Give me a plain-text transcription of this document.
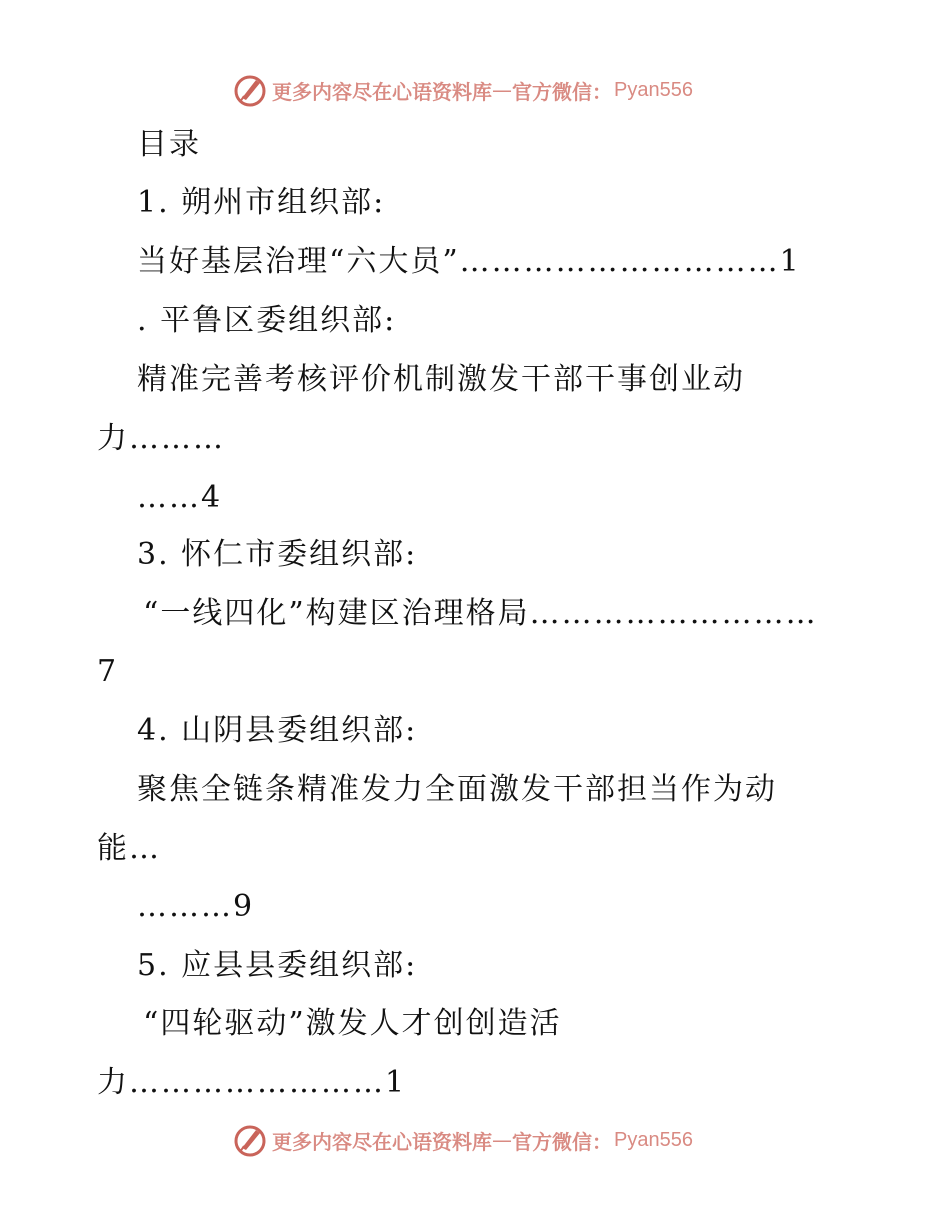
更多内容尽在心语资料库 — 官方微信： Pyan556
目录
1. 朔州市组织部:
当好基层治理“六大员”…………………………1
. 平鲁区委组织部:
精准完善考核评价机制激发干部干事创业动
力………
……4
3. 怀仁市委组织部:
“一线四化”构建区治理格局………………………
7
4. 山阴县委组织部:
聚焦全链条精准发力全面激发干部担当作为动
能…
………9
5. 应县县委组织部:
“四轮驱动”激发人才创创造活
力……………………1
更多内容尽在心语资料库 — 官方微信： Pyan556
